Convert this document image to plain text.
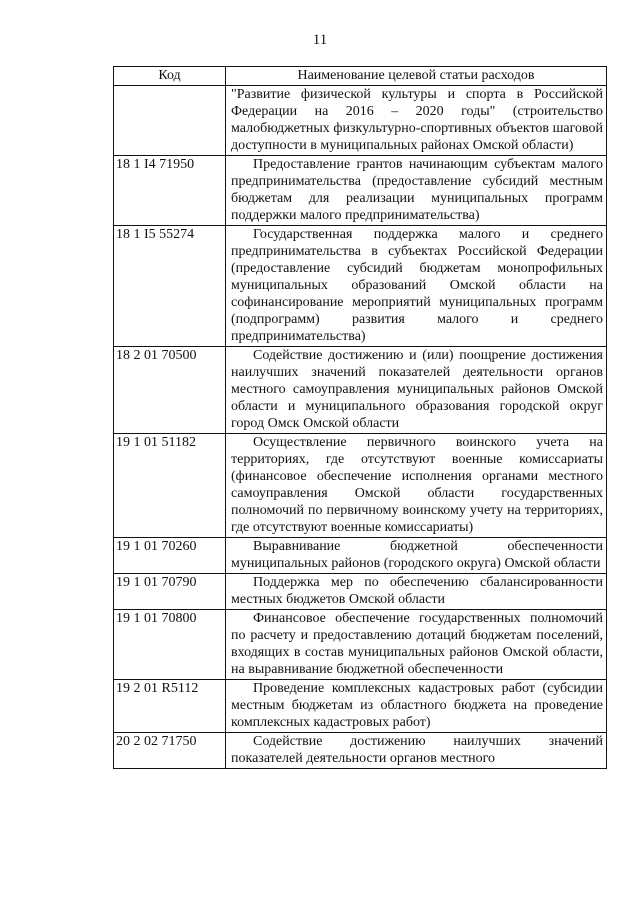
11
Код	Наименование целевой статьи расходов
	"Развитие физической культуры и спорта в Российской Федерации на 2016 – 2020 годы" (строительство малобюджетных физкультурно-спортивных объектов шаговой доступности в муниципальных районах Омской области)
18 1 I4 71950	Предоставление грантов начинающим субъектам малого предпринимательства (предоставление субсидий местным бюджетам для реализации муниципальных программ поддержки малого предпринимательства)
18 1 I5 55274	Государственная поддержка малого и среднего предпринимательства в субъектах Российской Федерации (предоставление субсидий бюджетам монопрофильных муниципальных образований Омской области на софинансирование мероприятий муниципальных программ (подпрограмм) развития малого и среднего предпринимательства)
18 2 01 70500	Содействие достижению и (или) поощрение достижения наилучших значений показателей деятельности органов местного самоуправления муниципальных районов Омской области и муниципального образования городской округ город Омск Омской области
19 1 01 51182	Осуществление первичного воинского учета на территориях, где отсутствуют военные комиссариаты (финансовое обеспечение исполнения органами местного самоуправления Омской области государственных полномочий по первичному воинскому учету на территориях, где отсутствуют военные комиссариаты)
19 1 01 70260	Выравнивание бюджетной обеспеченности муниципальных районов (городского округа) Омской области
19 1 01 70790	Поддержка мер по обеспечению сбалансированности местных бюджетов Омской области
19 1 01 70800	Финансовое обеспечение государственных полномочий по расчету и предоставлению дотаций бюджетам поселений, входящих в состав муниципальных районов Омской области, на выравнивание бюджетной обеспеченности
19 2 01 R5112	Проведение комплексных кадастровых работ (субсидии местным бюджетам из областного бюджета на проведение комплексных кадастровых работ)
20 2 02 71750	Содействие достижению наилучших значений показателей деятельности органов местного
